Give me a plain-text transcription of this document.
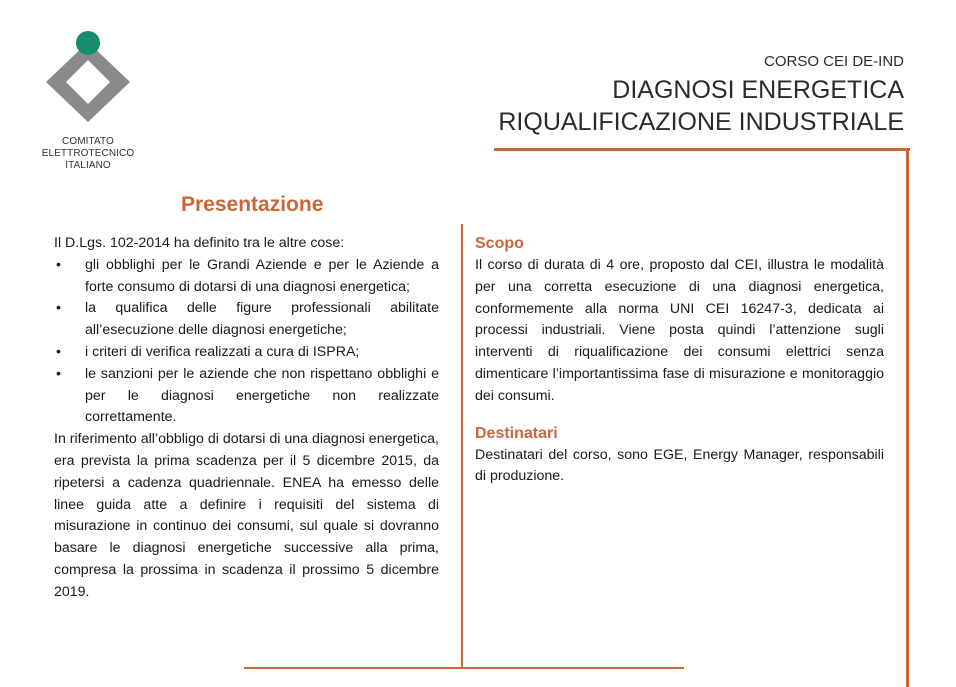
COMITATO
ELETTROTECNICO
ITALIANO
CORSO CEI DE-IND
DIAGNOSI ENERGETICA
RIQUALIFICAZIONE INDUSTRIALE
Presentazione

Il D.Lgs. 102-2014 ha definito tra le altre cose:

• gli obblighi per le Grandi Aziende e per le Aziende a forte consumo di dotarsi di una diagnosi energetica;
• la qualifica delle figure professionali abilitate all’esecuzione delle diagnosi energetiche;
• i criteri di verifica realizzati a cura di ISPRA;
• le sanzioni per le aziende che non rispettano obblighi e per le diagnosi energetiche non realizzate correttamente.

In riferimento all’obbligo di dotarsi di una diagnosi energetica, era prevista la prima scadenza per il 5 dicembre 2015, da ripetersi a cadenza quadriennale. ENEA ha emesso delle linee guida atte a definire i requisiti del sistema di misurazione in continuo dei consumi, sul quale si dovranno basare le diagnosi energetiche successive alla prima, compresa la prossima in scadenza il prossimo 5 dicembre 2019.

Scopo

Il corso di durata di 4 ore, proposto dal CEI, illustra le modalità per una corretta esecuzione di una diagnosi energetica, conformemente alla norma UNI CEI 16247-3, dedicata ai processi industriali. Viene posta quindi l’attenzione sugli interventi di riqualificazione dei consumi elettrici senza dimenticare l’importantissima fase di misurazione e monitoraggio dei consumi.

Destinatari

Destinatari del corso, sono EGE, Energy Manager, responsabili di produzione.
